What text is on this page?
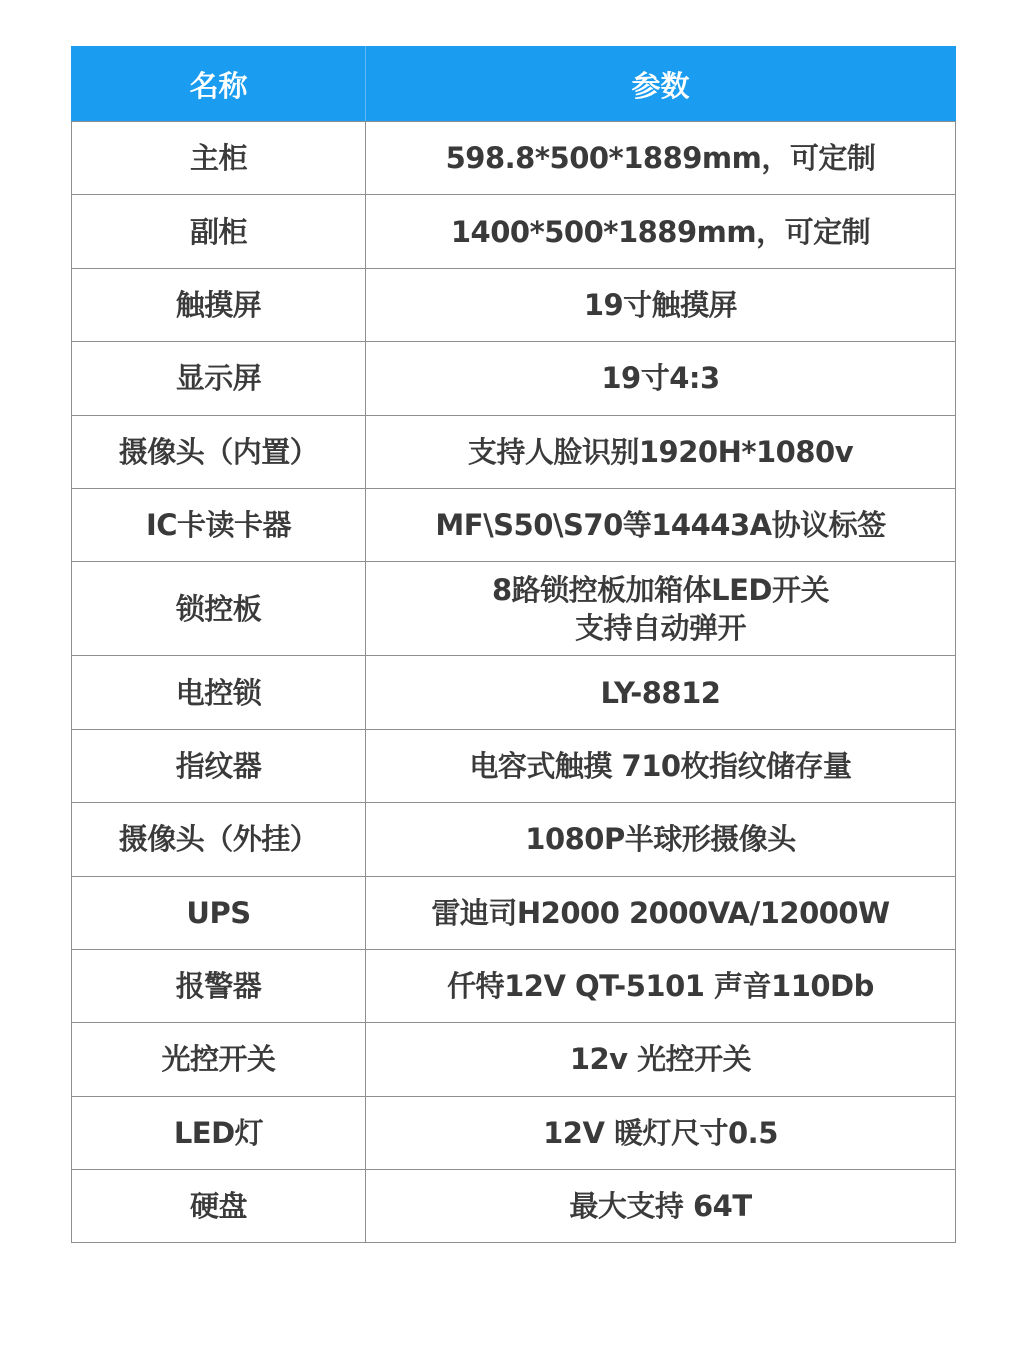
名称	参数
主柜	598.8*500*1889mm，可定制

副柜	1400*500*1889mm，可定制

触摸屏	19寸触摸屏

显示屏	19寸4:3

摄像头（内置）	支持人脸识别1920H*1080v

IC卡读卡器	MF\S50\S70等14443A协议标签

锁控板	8路锁控板加箱体LED开关
支持自动弹开

电控锁	LY-8812

指纹器	电容式触摸 710枚指纹储存量

摄像头（外挂）	1080P半球形摄像头

UPS	雷迪司H2000 2000VA/12000W

报警器	仟特12V QT-5101 声音110Db

光控开关	12v 光控开关

LED灯	12V 暖灯尺寸0.5

硬盘	最大支持 64T
